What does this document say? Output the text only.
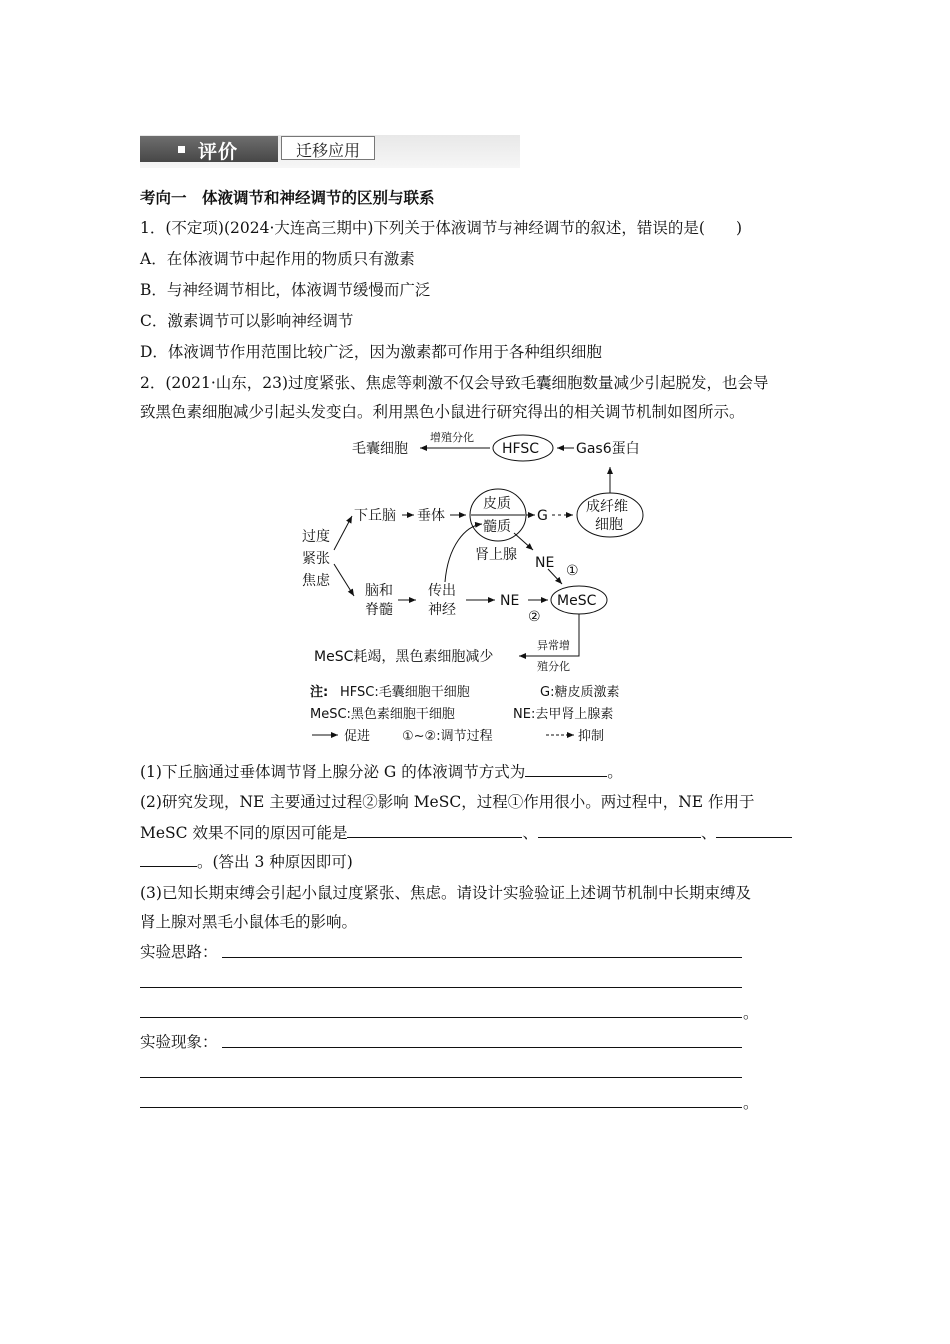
评价	迁移应用
考向一　体液调节和神经调节的区别与联系
1．(不定项)(2024·大连高三期中)下列关于体液调节与神经调节的叙述，错误的是(　　)
A．在体液调节中起作用的物质只有激素
B．与神经调节相比，体液调节缓慢而广泛
C．激素调节可以影响神经调节
D．体液调节作用范围比较广泛，因为激素都可作用于各种组织细胞
2．(2021·山东，23)过度紧张、焦虑等刺激不仅会导致毛囊细胞数量减少引起脱发，也会导
致黑色素细胞减少引起头发变白。利用黑色小鼠进行研究得出的相关调节机制如图所示。
毛囊细胞
增殖分化
HFSC	Gas6蛋白
过度
紧张
焦虑
下丘脑 垂体
皮质
髓质
肾上腺
G
成纤维
细胞
NE ①
脑和
脊髓
传出
神经
NE
②
MeSC
异常增
殖分化
MeSC耗竭，黑色素细胞减少
注: HFSC:毛囊细胞干细胞	G:糖皮质激素
MeSC:黑色素细胞干细胞	NE:去甲肾上腺素
促进 ①~②:调节过程	抑制
(1)下丘脑通过垂体调节肾上腺分泌 G 的体液调节方式为	。
(2)研究发现，NE 主要通过过程②影响 MeSC，过程①作用很小。两过程中，NE 作用于
MeSC 效果不同的原因可能是	、	、
。(答出 3 种原因即可)
(3)已知长期束缚会引起小鼠过度紧张、焦虑。请设计实验验证上述调节机制中长期束缚及
肾上腺对黑毛小鼠体毛的影响。
实验思路：
。
实验现象：
。
